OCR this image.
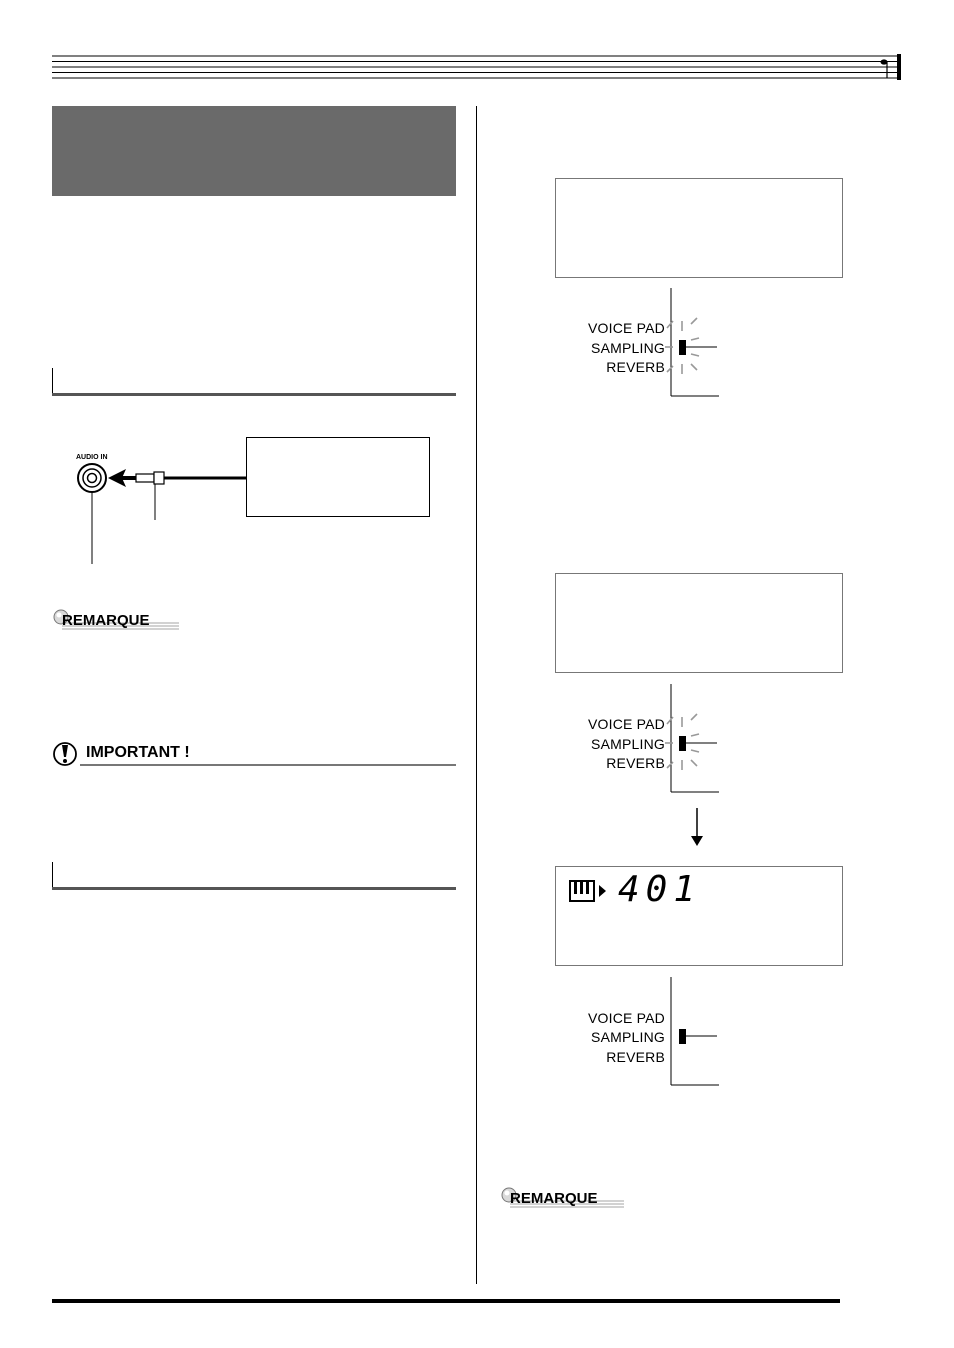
AUDIO IN
REMARQUE
IMPORTANT !
VOICE PAD
SAMPLING
REVERB
VOICE PAD
SAMPLING
REVERB
401
VOICE PAD
SAMPLING
REVERB
REMARQUE
